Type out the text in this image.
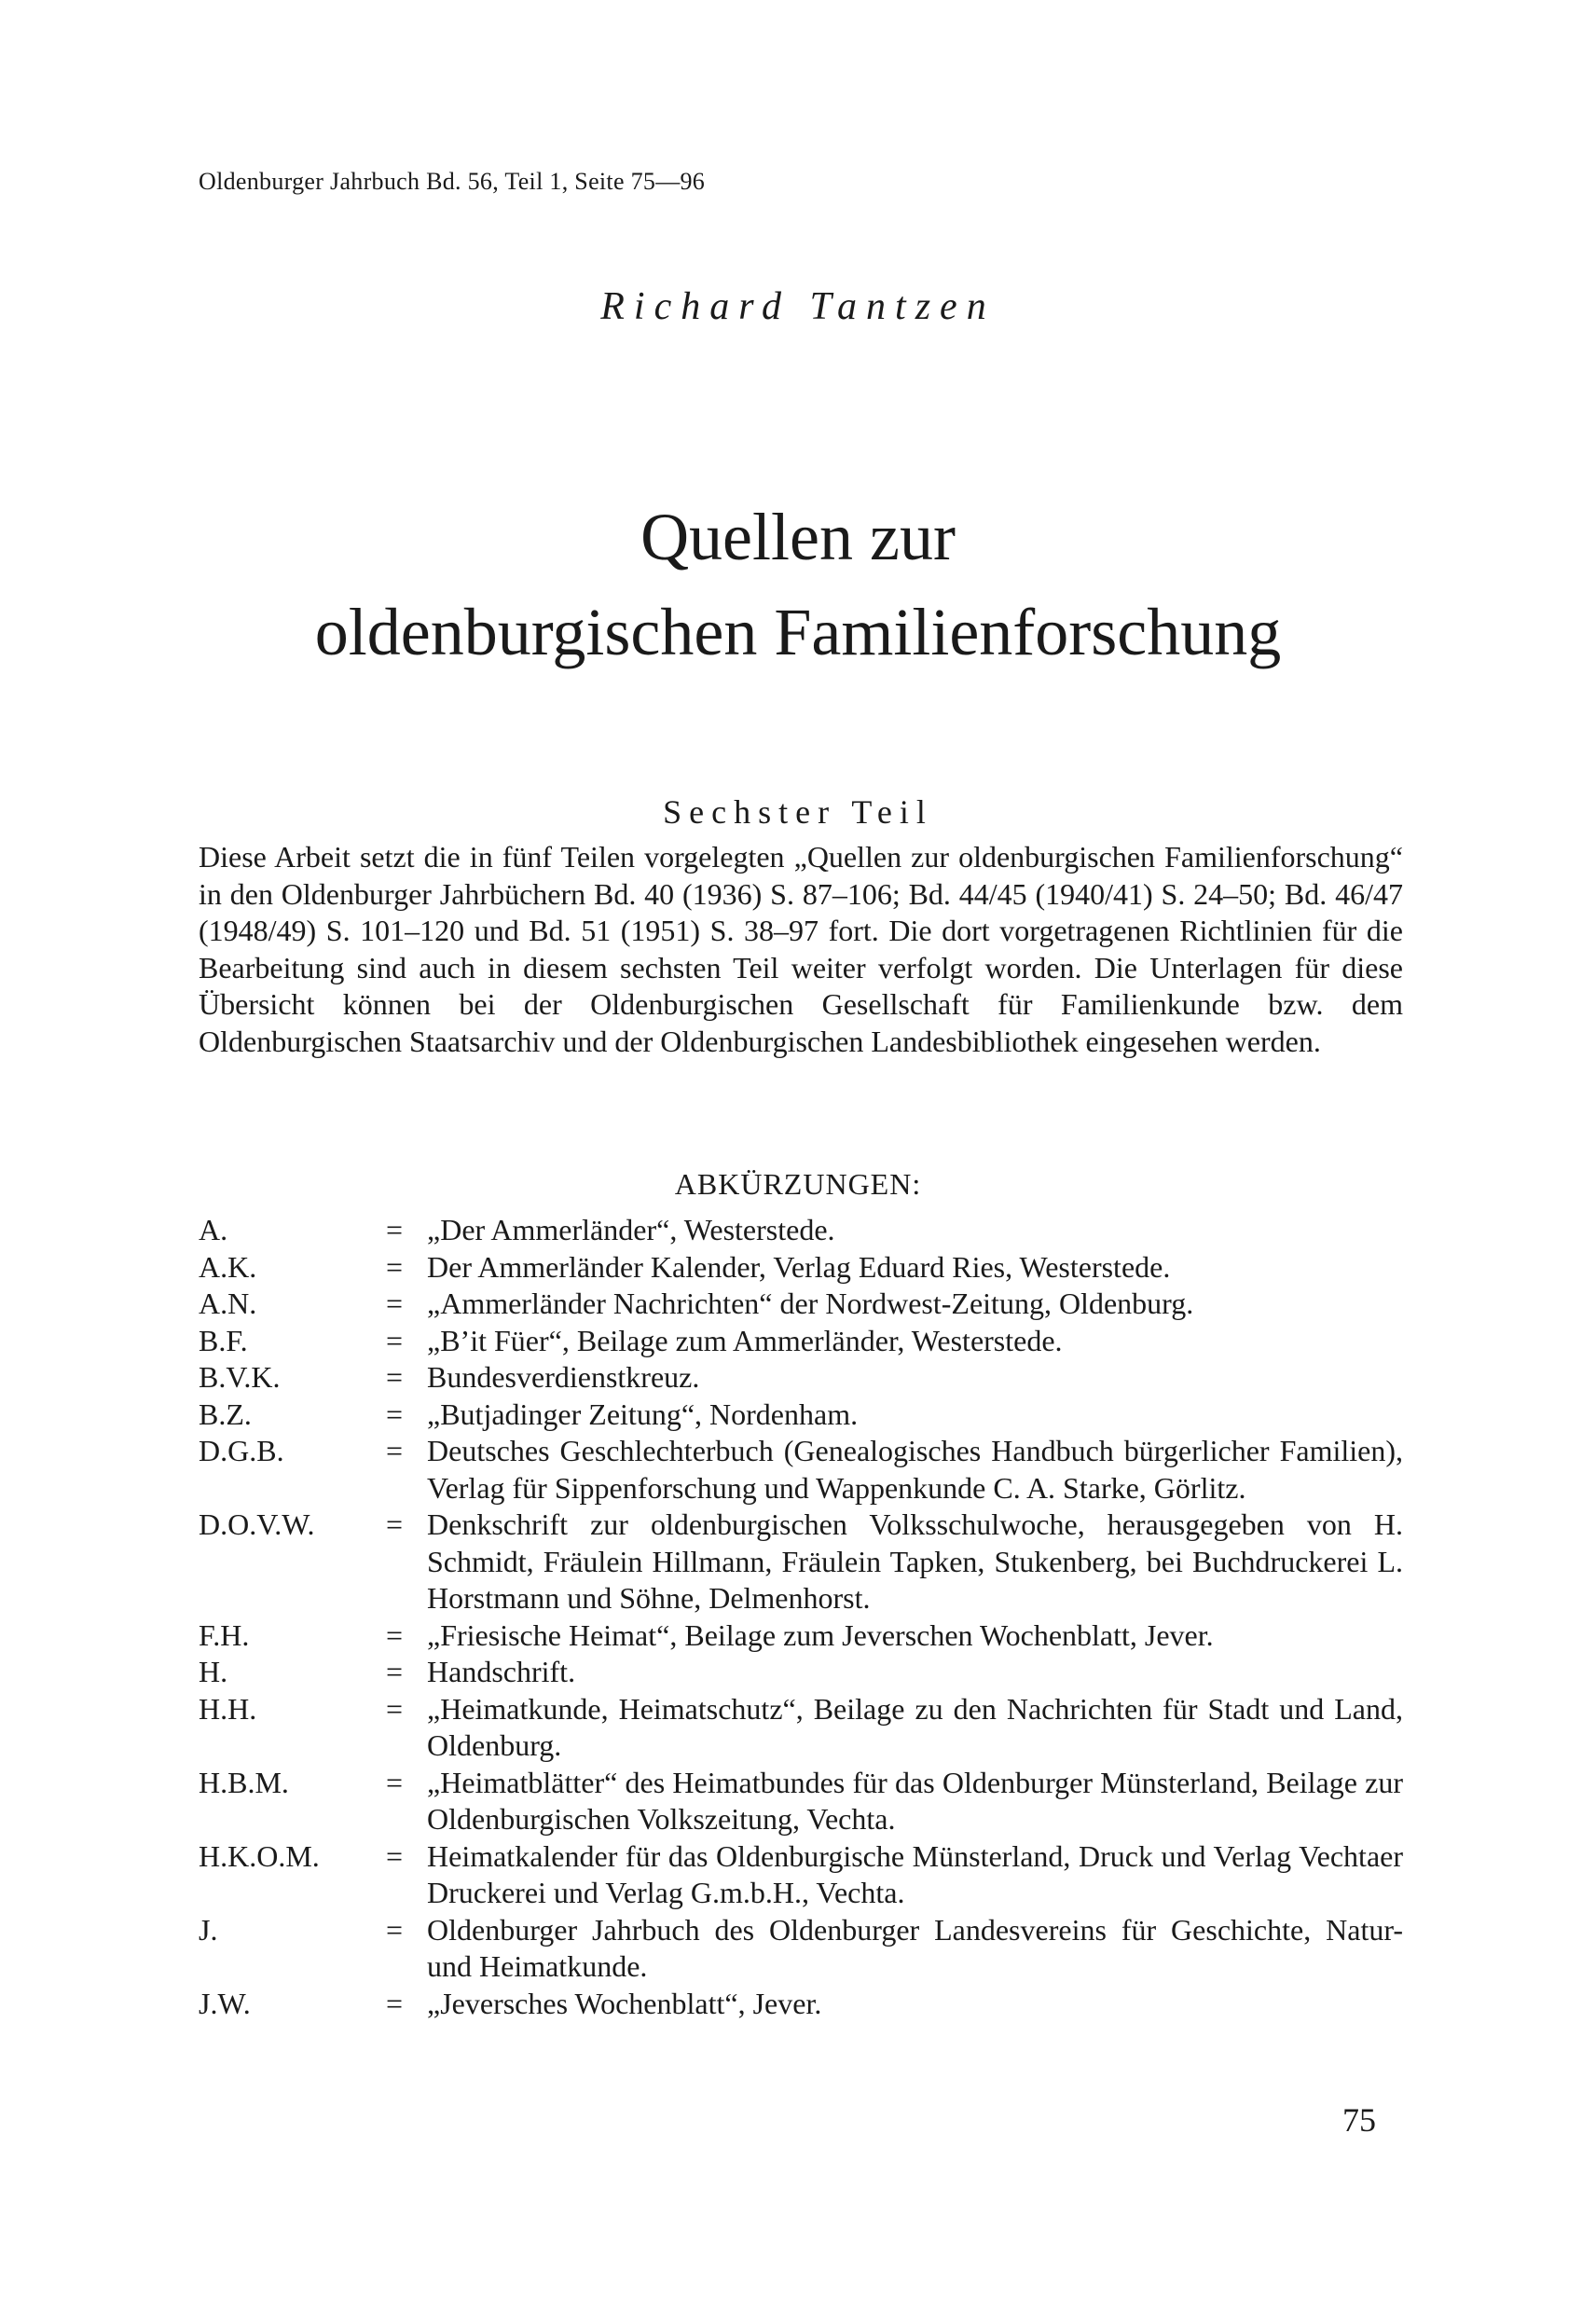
Oldenburger Jahrbuch Bd. 56, Teil 1, Seite 75—96
Richard Tantzen
Quellen zur
oldenburgischen Familienforschung
Sechster Teil

Diese Arbeit setzt die in fünf Teilen vorgelegten „Quellen zur oldenburgischen Familienforschung“ in den Oldenburger Jahrbüchern Bd. 40 (1936) S. 87–106; Bd. 44/45 (1940/41) S. 24–50; Bd. 46/47 (1948/49) S. 101–120 und Bd. 51 (1951) S. 38–97 fort. Die dort vorgetragenen Richtlinien für die Bearbeitung sind auch in diesem sechsten Teil weiter verfolgt worden. Die Unterlagen für diese Übersicht können bei der Oldenburgischen Gesellschaft für Familienkunde bzw. dem Oldenburgischen Staatsarchiv und der Oldenburgischen Landesbibliothek eingesehen werden.

ABKÜRZUNGEN:
A.	=	„Der Ammerländer“, Westerstede.
A.K.	=	Der Ammerländer Kalender, Verlag Eduard Ries, Westerstede.
A.N.	=	„Ammerländer Nachrichten“ der Nordwest-Zeitung, Oldenburg.
B.F.	=	„B’it Füer“, Beilage zum Ammerländer, Westerstede.
B.V.K.	=	Bundesverdienstkreuz.
B.Z.	=	„Butjadinger Zeitung“, Nordenham.
D.G.B.	=	Deutsches Geschlechterbuch (Genealogisches Handbuch bürgerlicher Familien), Verlag für Sippenforschung und Wappenkunde C. A. Starke, Görlitz.
D.O.V.W.	=	Denkschrift zur oldenburgischen Volksschulwoche, herausgegeben von H. Schmidt, Fräulein Hillmann, Fräulein Tapken, Stukenberg, bei Buchdruckerei L. Horstmann und Söhne, Delmenhorst.
F.H.	=	„Friesische Heimat“, Beilage zum Jeverschen Wochenblatt, Jever.
H.	=	Handschrift.
H.H.	=	„Heimatkunde, Heimatschutz“, Beilage zu den Nachrichten für Stadt und Land, Oldenburg.
H.B.M.	=	„Heimatblätter“ des Heimatbundes für das Oldenburger Münsterland, Beilage zur Oldenburgischen Volkszeitung, Vechta.
H.K.O.M.	=	Heimatkalender für das Oldenburgische Münsterland, Druck und Verlag Vechtaer Druckerei und Verlag G.m.b.H., Vechta.
J.	=	Oldenburger Jahrbuch des Oldenburger Landesvereins für Geschichte, Natur- und Heimatkunde.
J.W.	=	„Jeversches Wochenblatt“, Jever.
75
